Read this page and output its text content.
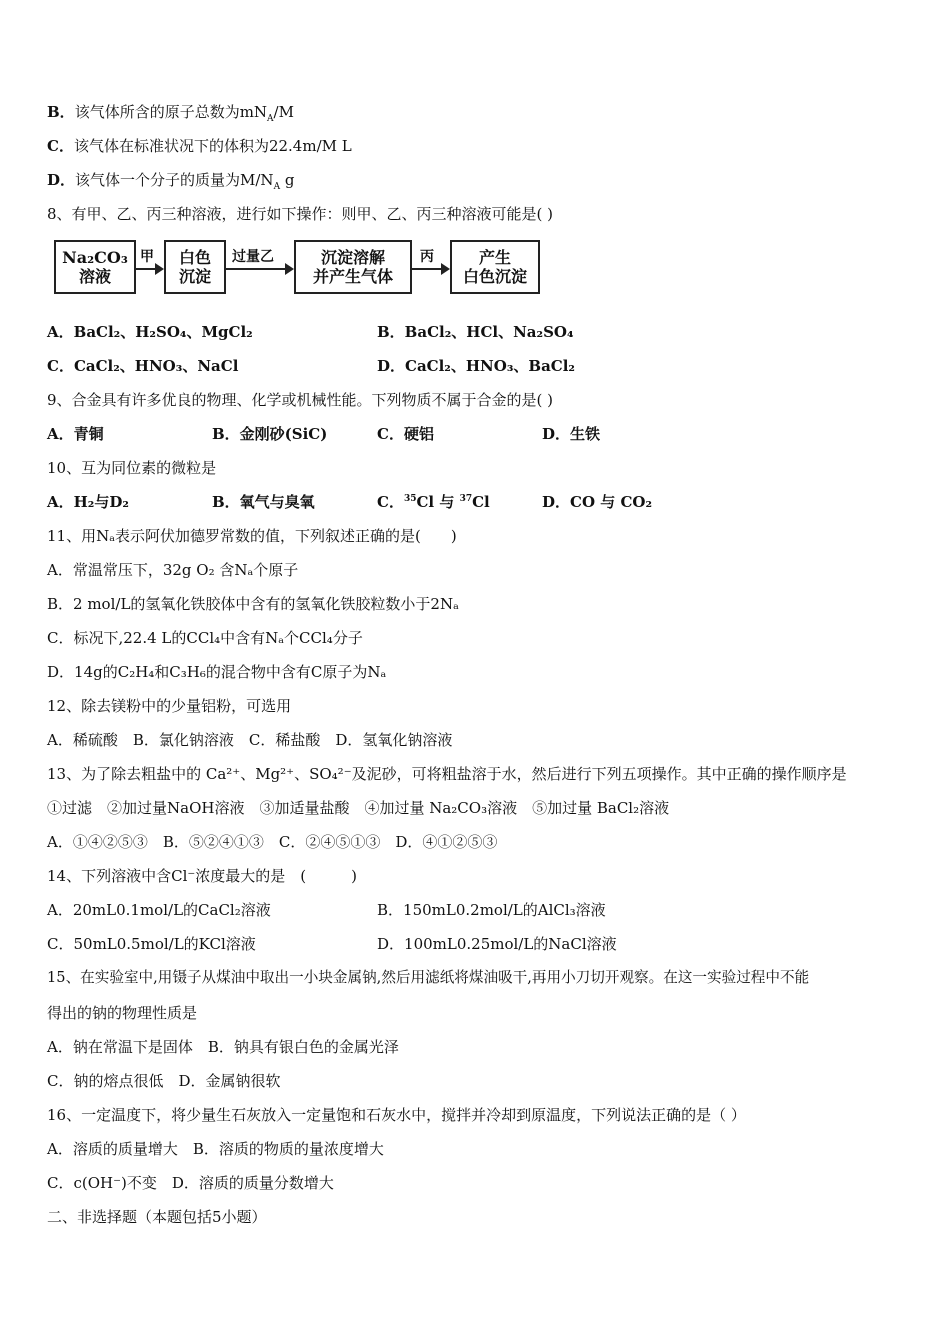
B．该气体所含的原子总数为$mN_A/M$
C．该气体在标准状况下的体积为22.4m/M L
D．该气体一个分子的质量为$M/N_A$ g
8、有甲、乙、丙三种溶液，进行如下操作：则甲、乙、丙三种溶液可能是( )
Na₂CO₃
溶液
甲 白色
沉淀
过量乙	沉淀溶解
并产生气体
丙	产生
白色沉淀
A．BaCl₂、H₂SO₄、MgCl₂	B．BaCl₂、HCl、Na₂SO₄
C．CaCl₂、HNO₃、NaCl	D．CaCl₂、HNO₃、BaCl₂
9、合金具有许多优良的物理、化学或机械性能。下列物质不属于合金的是( )
A．青铜	B．金刚砂(SiC)	C．硬铝	D．生铁
10、互为同位素的微粒是
A．H₂与D₂	B．氧气与臭氧	C．$^{35}$Cl 与 $^{37}$Cl	D．CO 与 CO₂
11、用Nₐ表示阿伏加德罗常数的值，下列叙述正确的是(　　)
A．常温常压下，32g O₂ 含Nₐ个原子
B．2 mol/L的氢氧化铁胶体中含有的氢氧化铁胶粒数小于2Nₐ
C．标况下,22.4 L的CCl₄中含有Nₐ个CCl₄分子
D．14g的C₂H₄和C₃H₆的混合物中含有C原子为Nₐ
12、除去镁粉中的少量铝粉，可选用
A．稀硫酸　B．氯化钠溶液　C．稀盐酸　D．氢氧化钠溶液
13、为了除去粗盐中的 Ca²⁺、Mg²⁺、SO₄²⁻及泥砂，可将粗盐溶于水，然后进行下列五项操作。其中正确的操作顺序是
①过滤　②加过量NaOH溶液　③加适量盐酸　④加过量 Na₂CO₃溶液　⑤加过量 BaCl₂溶液
A．①④②⑤③　B．⑤②④①③　C．②④⑤①③　D．④①②⑤③
14、下列溶液中含Cl⁻浓度最大的是　(　　　)
A．20mL0.1mol/L的CaCl₂溶液	B．150mL0.2mol/L的AlCl₃溶液
C．50mL0.5mol/L的KCl溶液	D．100mL0.25mol/L的NaCl溶液
15、在实验室中,用镊子从煤油中取出一小块金属钠,然后用滤纸将煤油吸干,再用小刀切开观察。在这一实验过程中不能
得出的钠的物理性质是
A．钠在常温下是固体　B．钠具有银白色的金属光泽
C．钠的熔点很低　D．金属钠很软
16、一定温度下，将少量生石灰放入一定量饱和石灰水中，搅拌并冷却到原温度，下列说法正确的是（ ）
A．溶质的质量增大　B．溶质的物质的量浓度增大
C．c(OH⁻)不变　D．溶质的质量分数增大
二、非选择题（本题包括5小题）
